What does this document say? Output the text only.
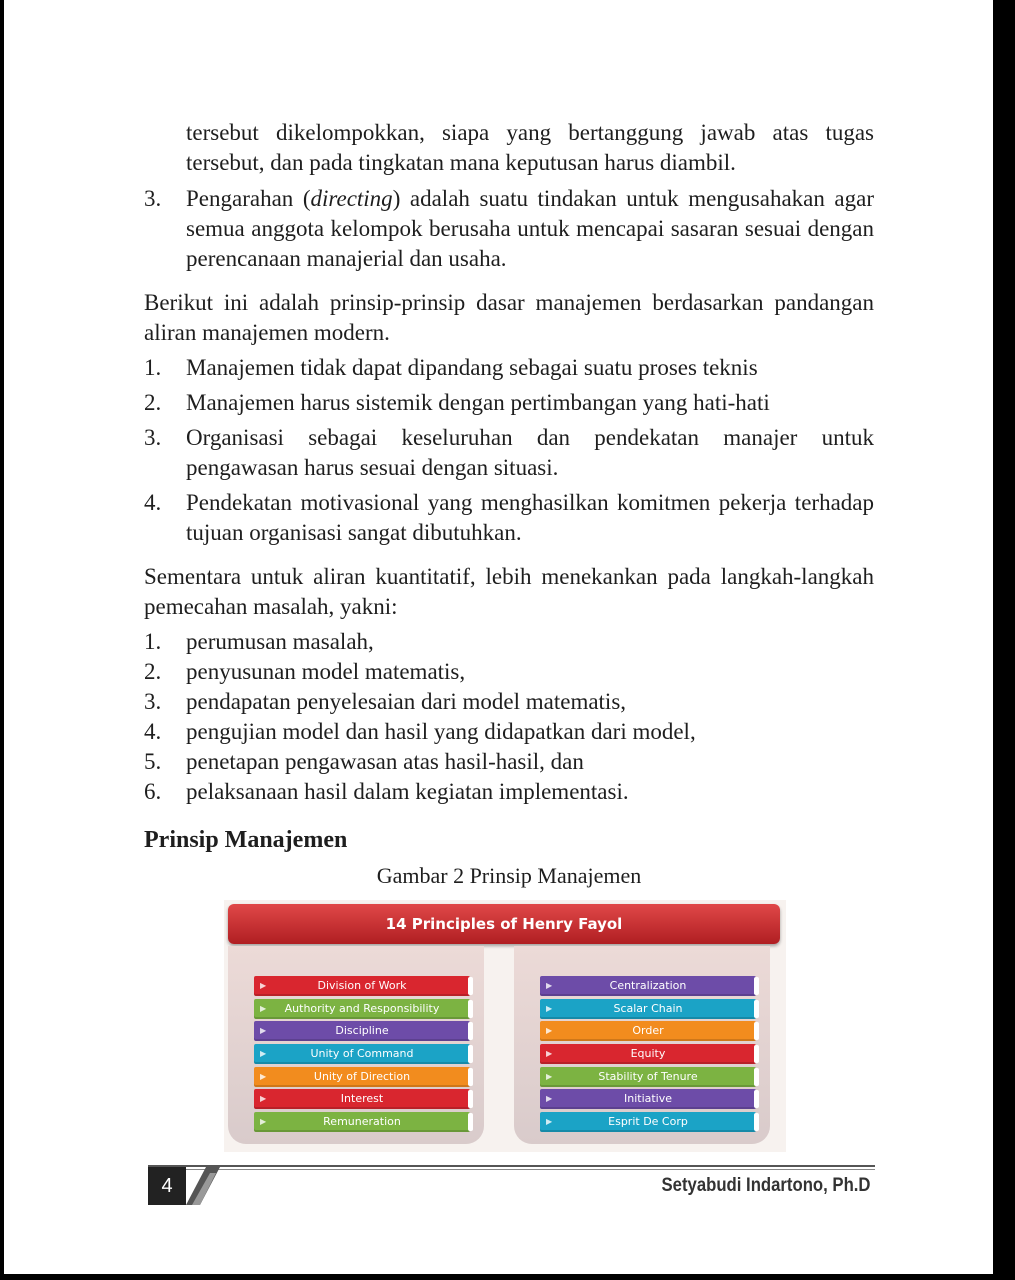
tersebut dikelompokkan, siapa yang bertanggung jawab atas tugas tersebut, dan pada tingkatan mana keputusan harus diambil.

3. Pengarahan (directing) adalah suatu tindakan untuk mengusahakan agar semua anggota kelompok berusaha untuk mencapai sasaran sesuai dengan perencanaan manajerial dan usaha.

Berikut ini adalah prinsip-prinsip dasar manajemen berdasarkan pandangan aliran manajemen modern.

1. Manajemen tidak dapat dipandang sebagai suatu proses teknis
2. Manajemen harus sistemik dengan pertimbangan yang hati-hati
3. Organisasi sebagai keseluruhan dan pendekatan manajer untuk pengawasan harus sesuai dengan situasi.
4. Pendekatan motivasional yang menghasilkan komitmen pekerja terhadap tujuan organisasi sangat dibutuhkan.

Sementara untuk aliran kuantitatif, lebih menekankan pada langkah-langkah pemecahan masalah, yakni:

1. perumusan masalah,
2. penyusunan model matematis,
3. pendapatan penyelesaian dari model matematis,
4. pengujian model dan hasil yang didapatkan dari model,
5. penetapan pengawasan atas hasil-hasil, dan
6. pelaksanaan hasil dalam kegiatan implementasi.
Prinsip Manajemen

Gambar 2 Prinsip Manajemen

14 Principles of Henry Fayol
▶	Division of Work
▶ Authority and Responsibility
▶	Discipline
▶	Unity of Command
▶	Unity of Direction
▶	Interest
▶	Remuneration
▶	Centralization
▶	Scalar Chain
▶	Order
▶	Equity
▶	Stability of Tenure
▶	Initiative
▶	Esprit De Corp
4	Setyabudi Indartono, Ph.D
